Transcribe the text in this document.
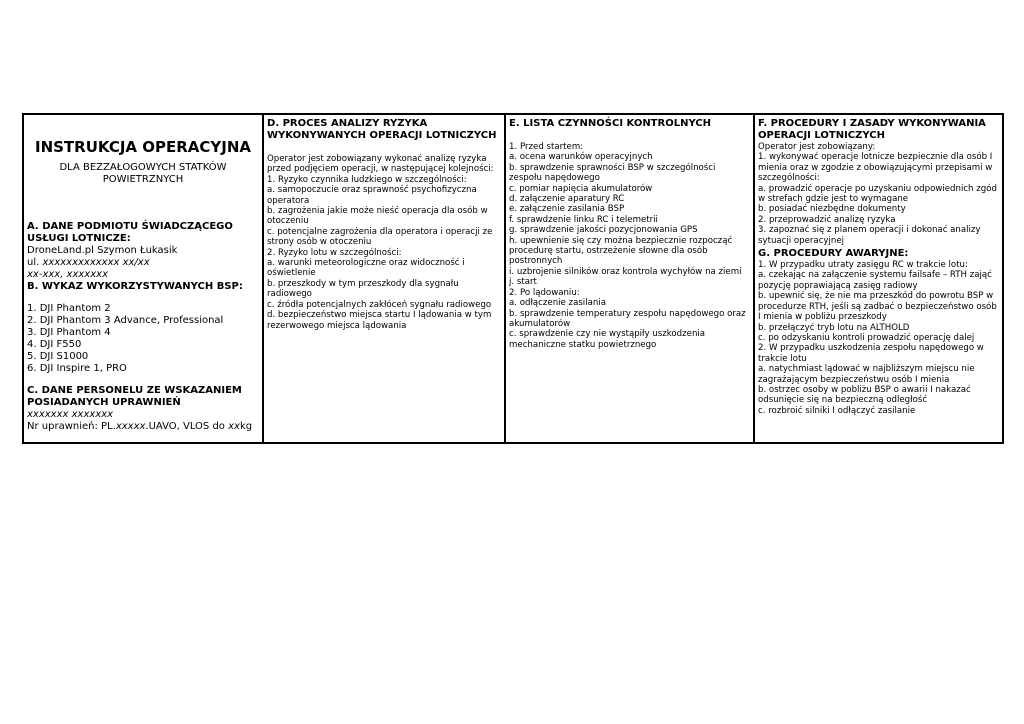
INSTRUKCJA OPERACYJNA
DLA BEZZAŁOGOWYCH STATKÓW
POWIETRZNYCH
A. DANE PODMIOTU ŚWIADCZĄCEGO USŁUGI LOTNICZE:
DroneLand.pl Szymon Łukasik
ul. xxxxxxxxxxxxx xx/xx
xx-xxx, xxxxxxx
B. WYKAZ WYKORZYSTYWANYCH BSP:
1. DJI Phantom 2
2. DJI Phantom 3 Advance, Professional
3. DJI Phantom 4
4. DJI F550
5. DJI S1000
6. DJI Inspire 1, PRO
C. DANE PERSONELU ZE WSKAZANIEM POSIADANYCH UPRAWNIEŃ
xxxxxxx xxxxxxx
Nr uprawnień: PL.xxxxx.UAVO, VLOS do xxkg
D. PROCES ANALIZY RYZYKA WYKONYWANYCH OPERACJI LOTNICZYCH
Operator jest zobowiązany wykonać analizę ryzyka przed podjęciem operacji, w następującej kolejności:
1. Ryzyko czynnika ludzkiego w szczególności:
a. samopoczucie oraz sprawność psychofizyczna operatora
b. zagrożenia jakie może nieść operacja dla osób w otoczeniu
c. potencjalne zagrożenia dla operatora i operacji ze strony osób w otoczeniu
2. Ryzyko lotu w szczególności:
a. warunki meteorologiczne oraz widoczność i oświetlenie
b. przeszkody w tym przeszkody dla sygnału radiowego
c. źródła potencjalnych zakłóceń sygnału radiowego
d. bezpieczeństwo miejsca startu I lądowania w tym rezerwowego miejsca lądowania
E. LISTA CZYNNOŚCI KONTROLNYCH
1. Przed startem:
a. ocena warunków operacyjnych
b. sprawdzenie sprawności BSP w szczególności zespołu napędowego
c. pomiar napięcia akumulatorów
d. załączenie aparatury RC
e. załączenie zasilania BSP
f. sprawdzenie linku RC i telemetrii
g. sprawdzenie jakości pozycjonowania GPS
h. upewnienie się czy można bezpiecznie rozpocząć procedurę startu, ostrzeżenie słowne dla osób postronnych
i. uzbrojenie silników oraz kontrola wychyłów na ziemi
j. start
2. Po lądowaniu:
a. odłączenie zasilania
b. sprawdzenie temperatury zespołu napędowego oraz akumulatorów
c. sprawdzenie czy nie wystąpiły uszkodzenia mechaniczne statku powietrznego
F. PROCEDURY I ZASADY WYKONYWANIA OPERACJI LOTNICZYCH
Operator jest zobowiązany:
1. wykonywać operacje lotnicze bezpiecznie dla osób I mienia oraz w zgodzie z obowiązującymi przepisami w szczególności:
a. prowadzić operacje po uzyskaniu odpowiednich zgód w strefach gdzie jest to wymagane
b. posiadać niezbędne dokumenty
2. przeprowadzić analizę ryzyka
3. zapoznać się z planem operacji i dokonać analizy sytuacji operacyjnej
G. PROCEDURY AWARYJNE:
1. W przypadku utraty zasięgu RC w trakcie lotu:
a. czekając na załączenie systemu failsafe – RTH zająć pozycję poprawiającą zasięg radiowy
b. upewnić się, że nie ma przeszkód do powrotu BSP w procedurze RTH, jeśli są zadbać o bezpieczeństwo osób I mienia w pobliżu przeszkody
b. przełączyć tryb lotu na ALTHOLD
c. po odzyskaniu kontroli prowadzić operację dalej
2. W przypadku uszkodzenia zespołu napędowego w trakcie lotu
a. natychmiast lądować w najbliższym miejscu nie zagrażającym bezpieczeństwu osób I mienia
b. ostrzec osoby w pobliżu BSP o awarii I nakazać odsunięcie się na bezpieczną odległość
c. rozbroić silniki I odłączyć zasilanie
